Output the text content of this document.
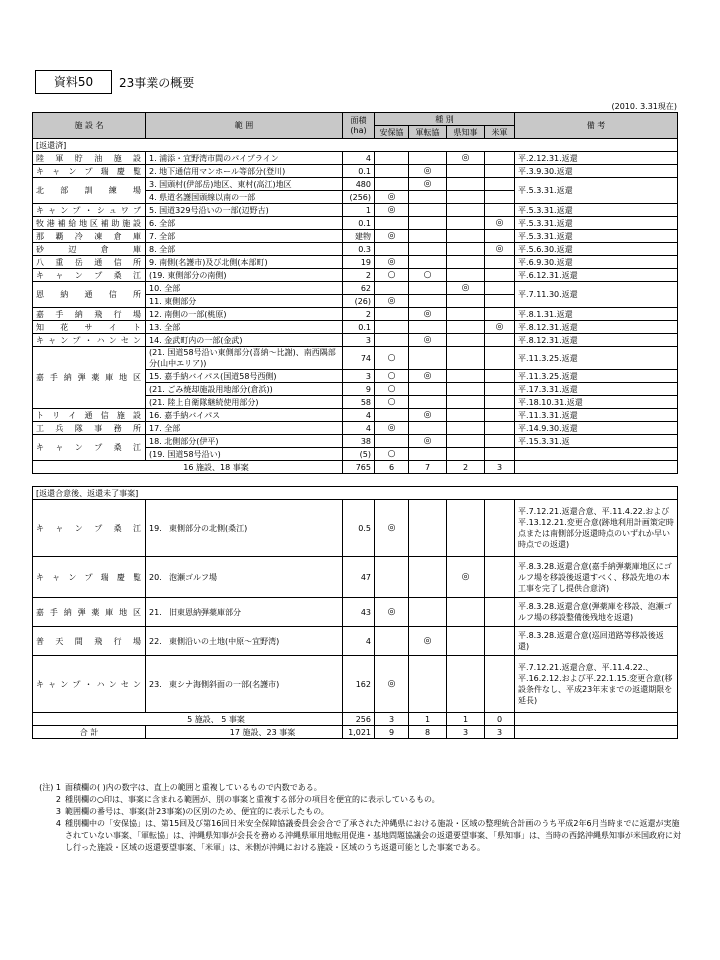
資料50	23事業の概要
(2010. 3.31現在)
施 設 名	範 囲	面積
(ha)	種 別				備 考
			安保協	軍転協	県知事	米軍	
[返還済]							
陸 軍 貯 油 施 設	1. 浦添・宜野湾市間のパイプライン	4			◎		平.2.12.31.返還
キ ャ ン プ 瑞 慶 覧	2. 地下通信用マンホール等部分(登川)	0.1		◎			平.3.9.30.返還
北 部 訓 練 場	3. 国頭村(伊部岳)地区、東村(高江)地区	480		◎			平.5.3.31.返還
	4. 県道名護国頭線以南の一部	(256)	◎				
キャンプ・シュワブ	5. 国道329号沿いの一部(辺野古)	1	◎				平.5.3.31.返還
牧港補給地区補助施設	6. 全部	0.1				◎	平.5.3.31.返還
那 覇 冷 凍 倉 庫	7. 全部	建物	◎				平.5.3.31.返還
砂 辺 倉 庫	8. 全部	0.3				◎	平.5.6.30.返還
八 重 岳 通 信 所	9. 南側(名護市)及び北側(本部町)	19	◎				平.6.9.30.返還
キ ャ ン プ 桑 江	(19. 東側部分の南側)	2	○	○			平.6.12.31.返還
恩 納 通 信 所	10. 全部	62			◎		平.7.11.30.返還
	11. 東側部分	(26)	◎				
嘉 手 納 飛 行 場	12. 南側の一部(桃原)	2		◎			平.8.1.31.返還
知 花 サ イ ト	13. 全部	0.1				◎	平.8.12.31.返還
キャンプ・ハンセン	14. 金武町内の一部(金武)	3		◎			平.8.12.31.返還
嘉 手 納 弾 薬 庫 地 区	(21. 国道58号沿い東側部分(喜納～比謝)、南西隅部分(山中エリア))	74	○				平.11.3.25.返還
	15. 嘉手納バイパス(国道58号西側)	3	○	◎			平.11.3.25.返還
	(21. ごみ焼却施設用地部分(倉浜))	9	○				平.17.3.31.返還
	(21. 陸上自衛隊継続使用部分)	58	○				平.18.10.31.返還
ト リ イ 通 信 施 設	16. 嘉手納バイパス	4		◎			平.11.3.31.返還
工 兵 隊 事 務 所	17. 全部	4	◎				平.14.9.30.返還
キ ャ ン プ 桑 江	18. 北側部分(伊平)	38		◎			平.15.3.31.返
	(19. 国道58号沿い)	(5)	○				
16 施設、18 事案		765	6	7	2	3	

[返還合意後、返還未了事案]							
キ ャ ン プ 桑 江	19. 東側部分の北側(桑江)	0.5	◎				平.7.12.21.返還合意、平.11.4.22.および平.13.12.21.変更合意(跡地利用計画策定時点または南側部分返還時点のいずれか早い時点での返還)
キ ャ ン プ 瑞 慶 覧	20. 泡瀬ゴルフ場	47			◎		平.8.3.28.返還合意(嘉手納弾薬庫地区にゴルフ場を移設後返還すべく、移設先地の本工事を完了し提供合意済)
嘉 手 納 弾 薬 庫 地 区	21. 旧東恩納弾薬庫部分	43	◎				平.8.3.28.返還合意(弾薬庫を移設、泡瀬ゴルフ場の移設整備後残地を返還)
普 天 間 飛 行 場	22. 東側沿いの土地(中原～宜野湾)	4		◎			平.8.3.28.返還合意(巡回道路等移設後返還)
キャンプ・ハンセン	23. 東シナ海側斜面の一部(名護市)	162	◎				平.7.12.21.返還合意、平.11.4.22.、平.16.2.12.および平.22.1.15.変更合意(移設条件なし、平成23年末までの返還期限を延長)
5 施設、 5 事案		256	3	1	1	0	
合 計	17 施設、23 事案	1,021	9	8	3	3	
(注) 1 面積欄の( )内の数字は、直上の範囲と重複しているもので内数である。
2 種別欄の○印は、事案に含まれる範囲が、別の事案と重複する部分の項目を便宜的に表示しているもの。
3 範囲欄の番号は、事案(計23事案)の区別のため、便宜的に表示したもの。
4 種別欄中の「安保協」は、第15回及び第16回日米安全保障協議委員会会合で了承された沖縄県における施設・区域の整理統合計画のうち平成2年6月当時までに返還が実施されていない事案、「軍転協」は、沖縄県知事が会長を務める沖縄県軍用地転用促進・基地問題協議会の返還要望事案、「県知事」は、当時の西銘沖縄県知事が米国政府に対し行った施設・区域の返還要望事案、「米軍」は、米側が沖縄における施設・区域のうち返還可能とした事案である。
